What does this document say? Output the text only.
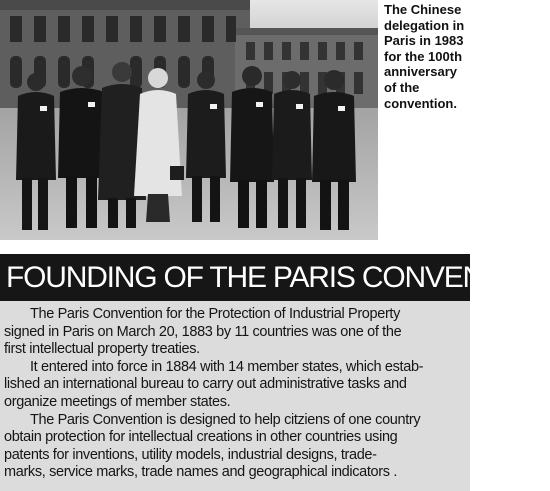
The Chinese
delegation in
Paris in 1983
for the 100th
anniversary
of the
convention.
FOUNDING OF THE PARIS CONVENTION
The Paris Convention for the Protection of Industrial Property
signed in Paris on March 20, 1883 by 11 countries was one of the
first intellectual property treaties.
It entered into force in 1884 with 14 member states, which estab-
lished an international bureau to carry out administrative tasks and
organize meetings of member states.
The Paris Convention is designed to help citziens of one country
obtain protection for intellectual creations in other countries using
patents for inventions, utility models, industrial designs, trade-
marks, service marks, trade names and geographical indicators .
